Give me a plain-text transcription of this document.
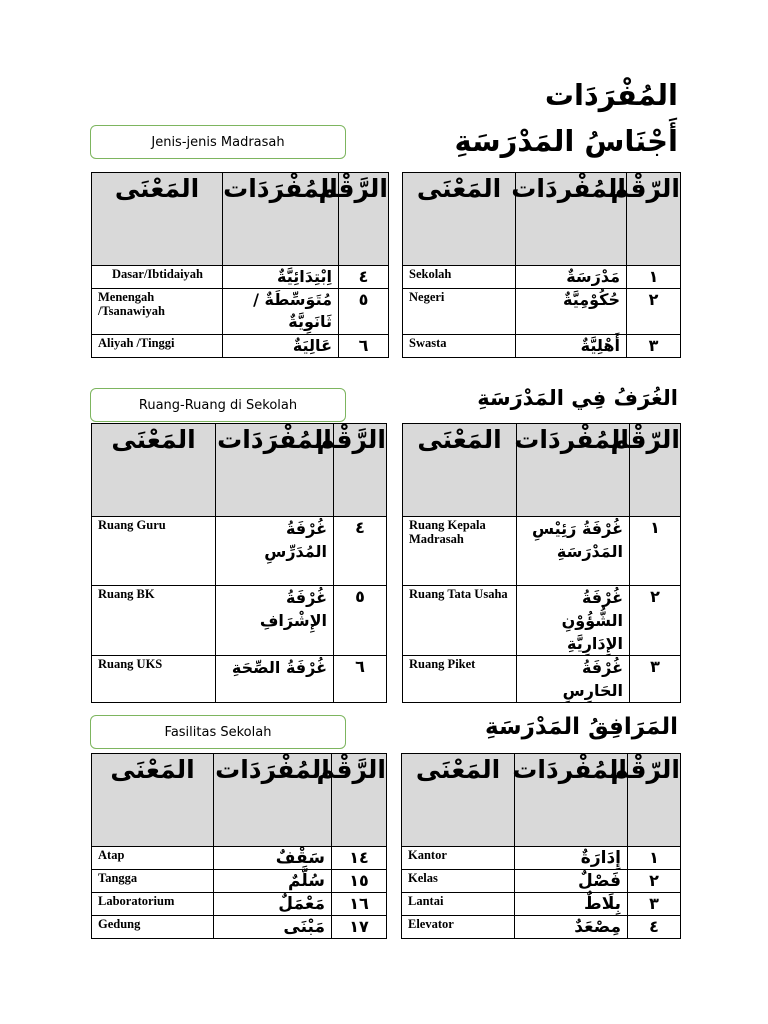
المُفْرَدَات
أَجْنَاسُ المَدْرَسَةِ
Jenis-jenis Madrasah
المَعْنَى	المُفْرَدَات	الرَّقْم		المَعْنَى	المُفْردَات	الرّقْم
Dasar/Ibtidaiyah	اِبْتِدَائِيَّةٌ	٤		Sekolah	مَدْرَسَةٌ	١
Menengah /Tsanawiyah	مُتَوَسِّطَةٌ / ثَانَوِيَّةٌ	٥		Negeri	حُكُوْمِيَّةٌ	٢
Aliyah /Tinggi	عَالِيَةٌ	٦		Swasta	أَهْلِيَّةٌ	٣
الغُرَفُ فِي المَدْرَسَةِ
Ruang-Ruang di Sekolah
المَعْنَى	المُفْرَدَات	الرَّقْم		المَعْنَى	المُفْردَات	الرّقْم
Ruang Guru	غُرْفَةُ المُدَرِّسِ	٤		Ruang Kepala Madrasah	غُرْفَةُ رَئِيْسِ المَدْرَسَةِ	١
Ruang BK	غُرْفَةُ الإِشْرَافِ	٥		Ruang Tata Usaha	غُرْفَةُ الشُّؤُوْنِ الإِدَارِيَّةِ	٢
Ruang UKS	غُرْفَةُ الصِّحَةِ	٦		Ruang Piket	غُرْفَةُ الحَارِسِ	٣
المَرَافِقُ المَدْرَسَةِ
Fasilitas Sekolah
المَعْنَى	المُفْرَدَات	الرَّقْم		المَعْنَى	المُفْردَات	الرّقْم
Atap	سَقْفٌ	١٤		Kantor	إِدَارَةٌ	١
Tangga	سُلَّمٌ	١٥		Kelas	فَصْلٌ	٢
Laboratorium	مَعْمَلٌ	١٦		Lantai	بِلَاطٌ	٣
Gedung	مَبْنَى	١٧		Elevator	مِصْعَدٌ	٤
